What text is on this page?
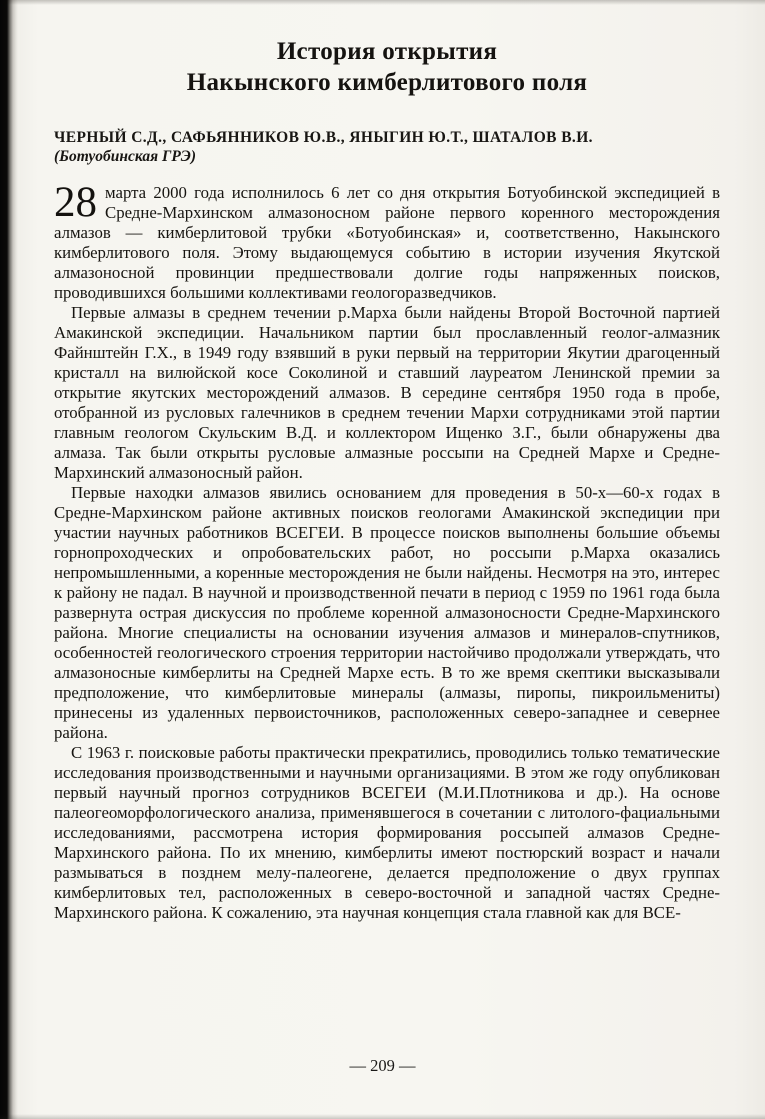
История открытия
Накынского кимберлитового поля
ЧЕРНЫЙ С.Д., САФЬЯННИКОВ Ю.В., ЯНЫГИН Ю.Т., ШАТАЛОВ В.И.
(Ботуобинская ГРЭ)

28 марта 2000 года исполнилось 6 лет со дня открытия Ботуобинской экспедицией в Средне-Мархинском алмазоносном районе первого коренного месторождения алмазов — кимберлитовой трубки «Ботуобинская» и, соответственно, Накынского кимберлитового поля. Этому выдающемуся событию в истории изучения Якутской алмазоносной провинции предшествовали долгие годы напряженных поисков, проводившихся большими коллективами геологоразведчиков.

Первые алмазы в среднем течении р.Марха были найдены Второй Восточной партией Амакинской экспедиции. Начальником партии был прославленный геолог-алмазник Файнштейн Г.Х., в 1949 году взявший в руки первый на территории Якутии драгоценный кристалл на вилюйской косе Соколиной и ставший лауреатом Ленинской премии за открытие якутских месторождений алмазов. В середине сентября 1950 года в пробе, отобранной из русловых галечников в среднем течении Мархи сотрудниками этой партии главным геологом Скульским В.Д. и коллектором Ищенко З.Г., были обнаружены два алмаза. Так были открыты русловые алмазные россыпи на Средней Мархе и Средне-Мархинский алмазоносный район.

Первые находки алмазов явились основанием для проведения в 50-х—60-х годах в Средне-Мархинском районе активных поисков геологами Амакинской экспедиции при участии научных работников ВСЕГЕИ. В процессе поисков выполнены большие объемы горнопроходческих и опробовательских работ, но россыпи р.Марха оказались непромышленными, а коренные месторождения не были найдены. Несмотря на это, интерес к району не падал. В научной и производственной печати в период с 1959 по 1961 года была развернута острая дискуссия по проблеме коренной алмазоносности Средне-Мархинского района. Многие специалисты на основании изучения алмазов и минералов-спутников, особенностей геологического строения территории настойчиво продолжали утверждать, что алмазоносные кимберлиты на Средней Мархе есть. В то же время скептики высказывали предположение, что кимберлитовые минералы (алмазы, пиропы, пикроильмениты) принесены из удаленных первоисточников, расположенных северо-западнее и севернее района.

С 1963 г. поисковые работы практически прекратились, проводились только тематические исследования производственными и научными организациями. В этом же году опубликован первый научный прогноз сотрудников ВСЕГЕИ (М.И.Плотникова и др.). На основе палеогеоморфологического анализа, применявшегося в сочетании с литолого-фациальными исследованиями, рассмотрена история формирования россыпей алмазов Средне-Мархинского района. По их мнению, кимберлиты имеют постюрский возраст и начали размываться в позднем мелу-палеогене, делается предположение о двух группах кимберлитовых тел, расположенных в северо-восточной и западной частях Средне-Мархинского района. К сожалению, эта научная концепция стала главной как для ВСЕ-

— 209 —
